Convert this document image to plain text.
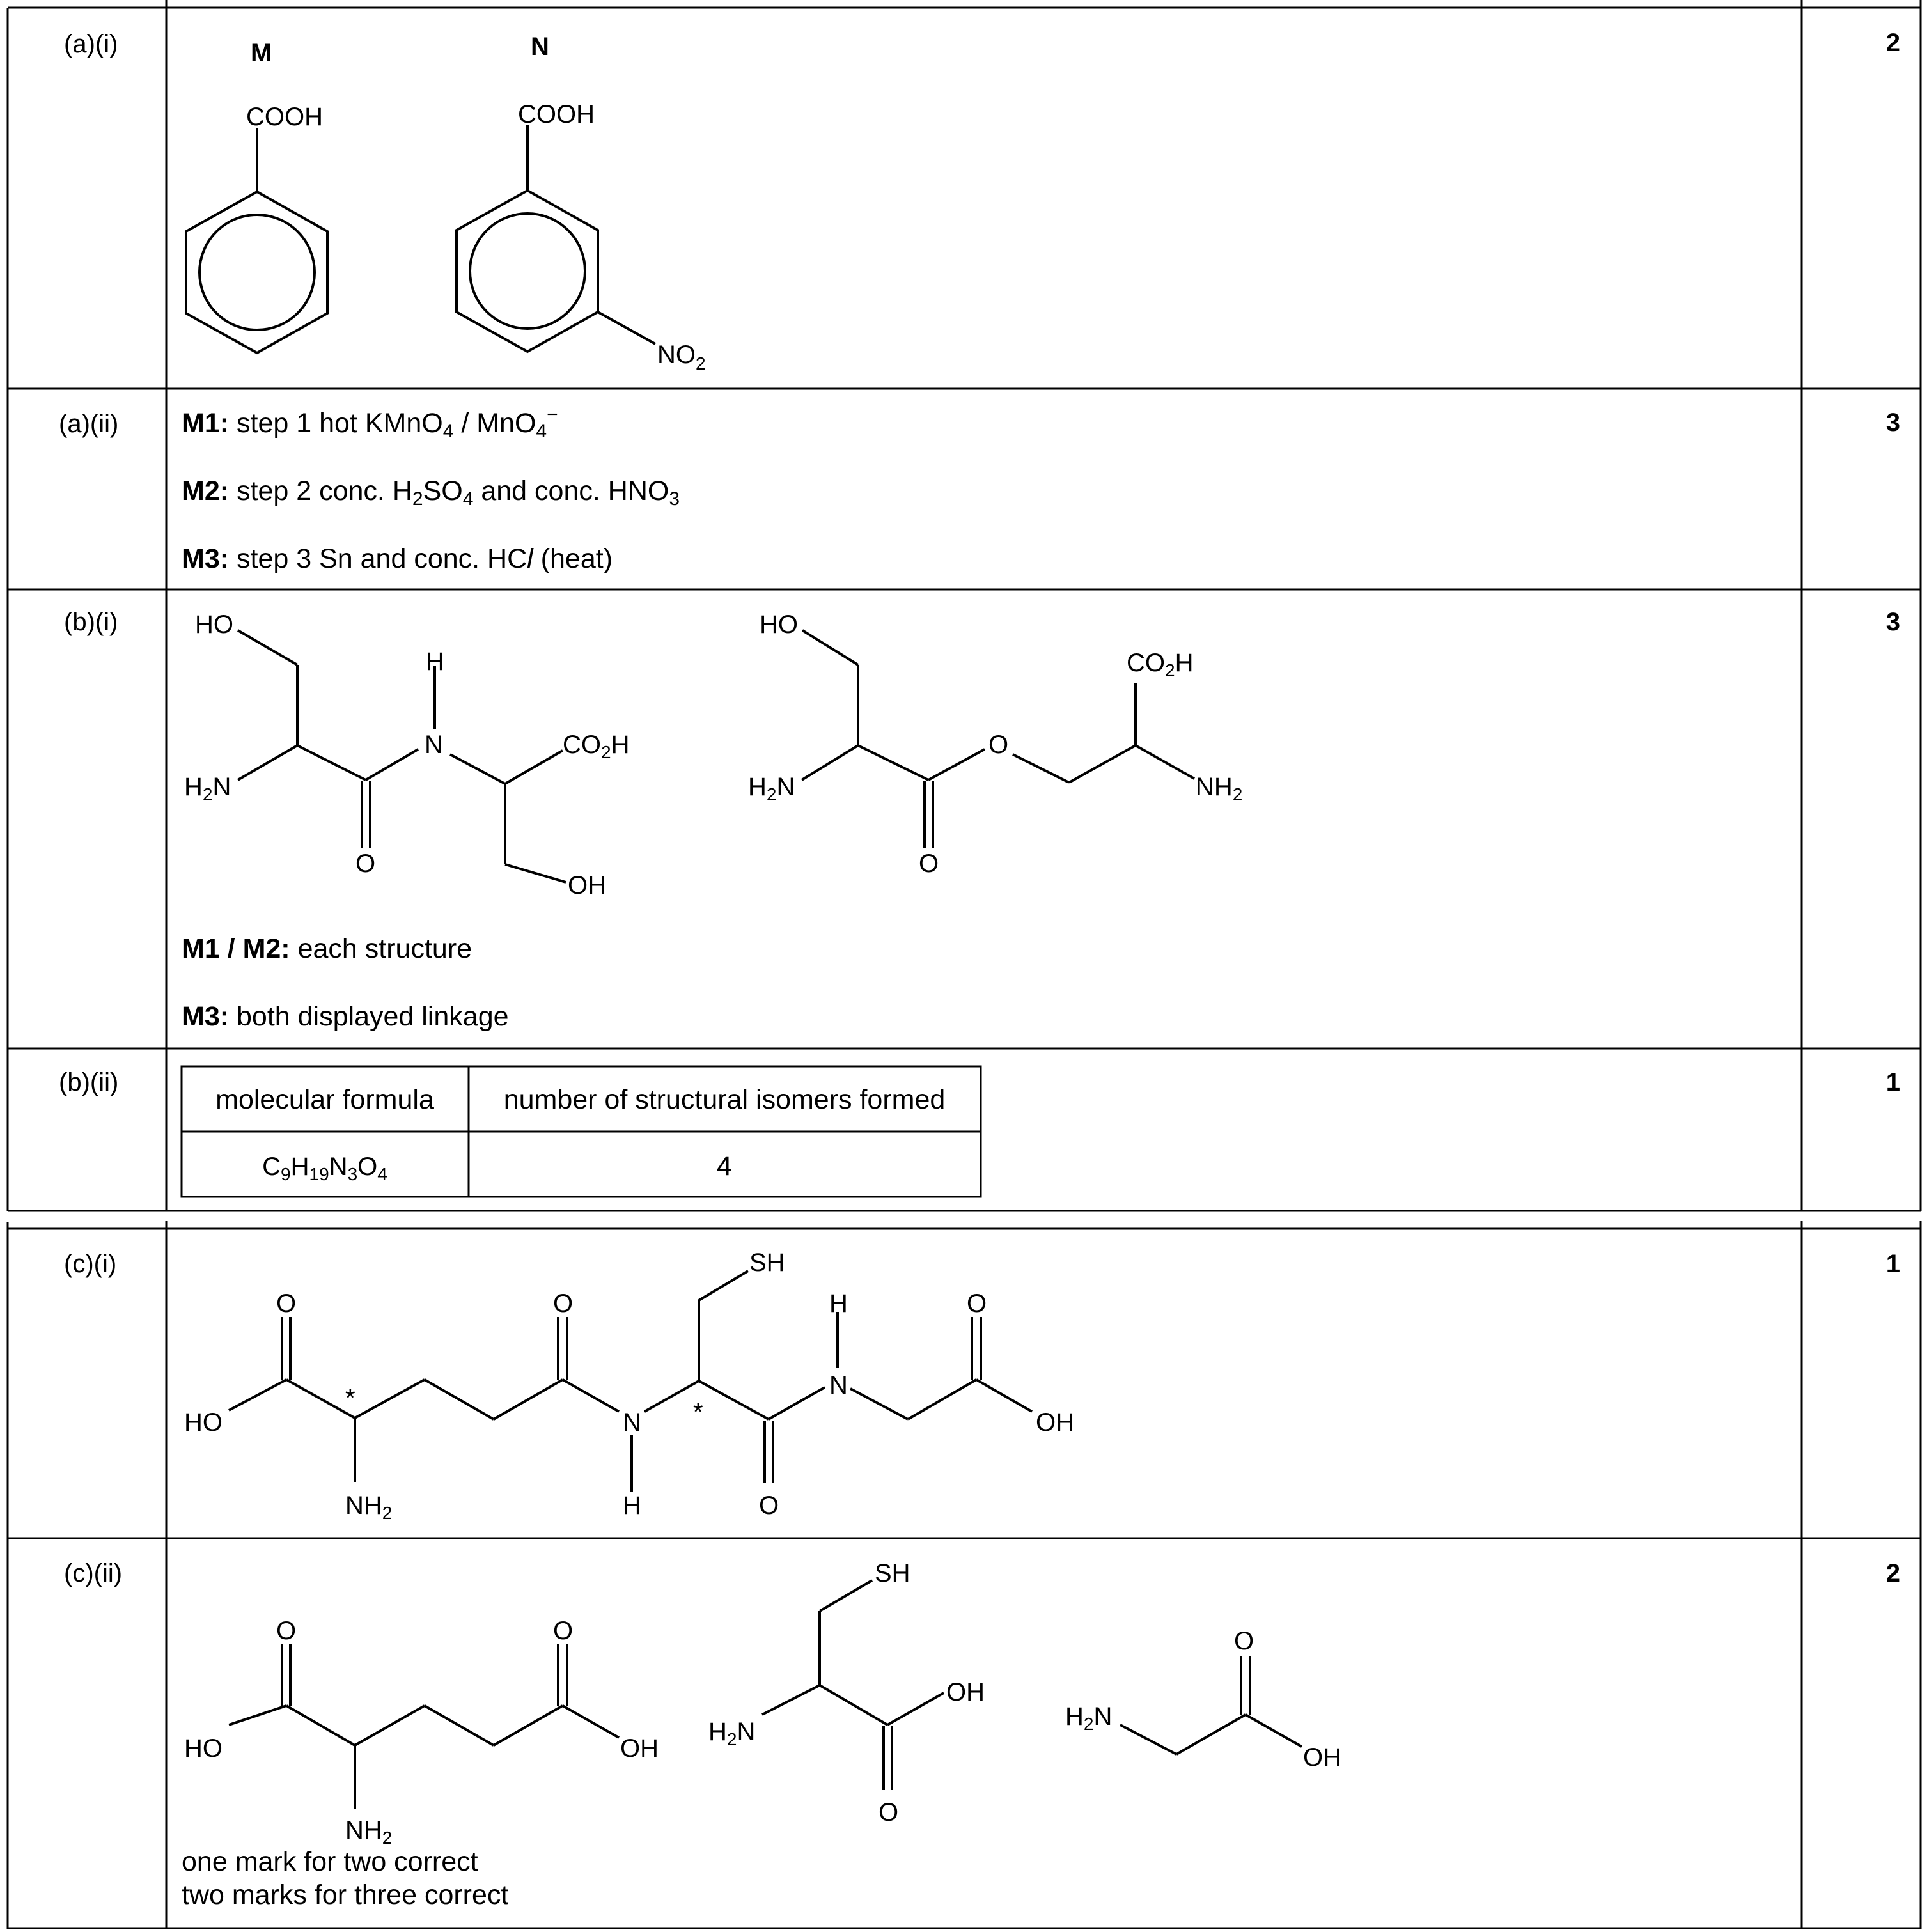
(a)(i)	2
M	N
COOH	COOH
$NO_2$
(a)(ii)	3
M1: step 1 hot KMnO4 / MnO4−
M2: step 2 conc. H2SO4 and conc. HNO3
M3: step 3 Sn and conc. HCl (heat)
(b)(i)	3
HO
H
N	$CO_2H$
$H_2N$
O
OH
HO
$CO_2H$
O
$H_2N$	$NH_2$
O
M1 / M2: each structure
M3: both displayed linkage
(b)(ii)	1
molecular formula	number of structural isomers formed
$C_9H_{19}N_3O_4$	4
(c)(i)	1
SH
O	O	H	O
N
*	*
HO	N	OH
$NH_2$	H	O
(c)(ii)	2
O	O
HO	OH
$NH_2$
SH
OH
$H_2N$
O
O
$H_2N$
OH
one mark for two correct
two marks for three correct
